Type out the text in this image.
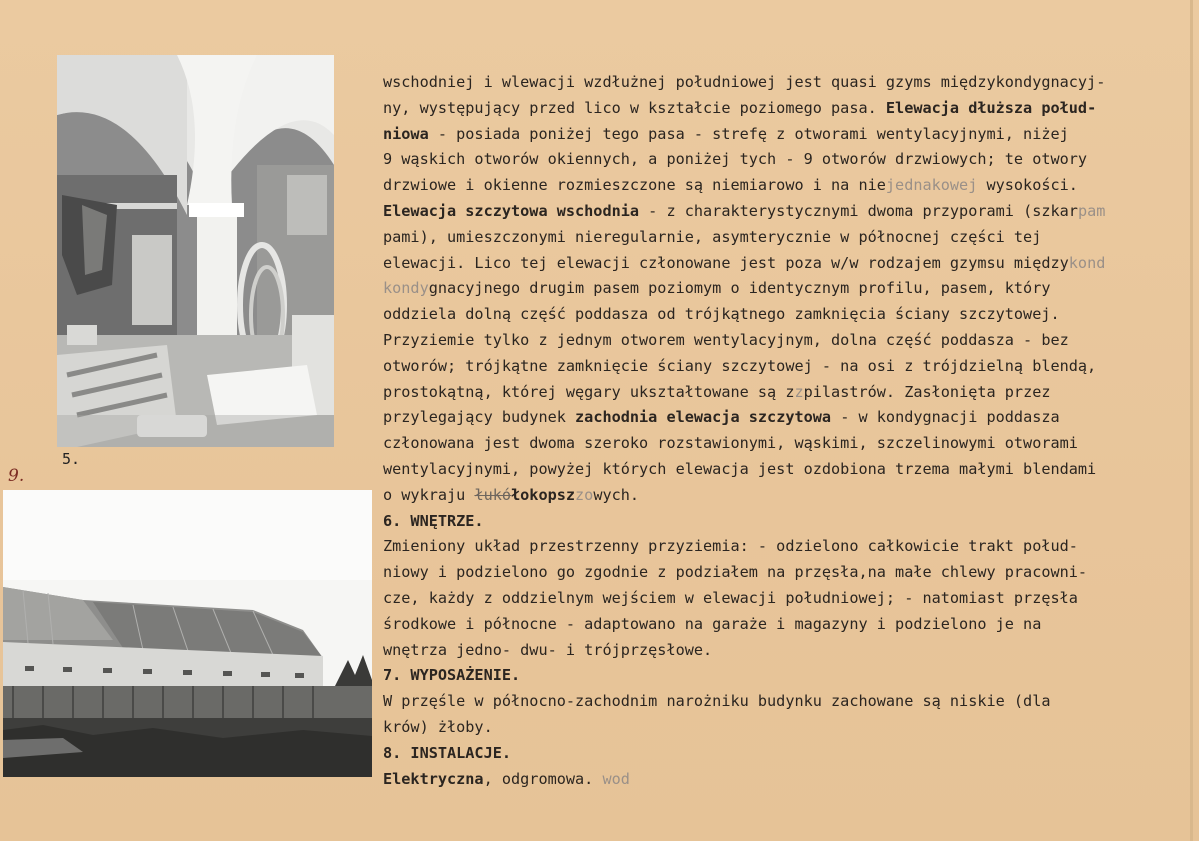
5.
9.
wschodniej i wlewacji wzdłużnej południowej jest quasi gzyms międzykondygnacyj-
ny, występujący przed lico w kształcie poziomego pasa. Elewacja dłuższa połud-
niowa - posiada poniżej tego pasa - strefę z otworami wentylacyjnymi, niżej
9 wąskich otworów okiennych, a poniżej tych - 9 otworów drzwiowych; te otwory
drzwiowe i okienne rozmieszczone są niemiarowo i na niejednakowej wysokości.
Elewacja szczytowa wschodnia - z charakterystycznymi dwoma przyporami (szkarpam
pami), umieszczonymi nieregularnie, asymterycznie w północnej części tej
elewacji. Lico tej elewacji członowane jest poza w/w rodzajem gzymsu międzykond
kondygnacyjnego drugim pasem poziomym o identycznym profilu, pasem, który
oddziela dolną część poddasza od trójkątnego zamknięcia ściany szczytowej.
Przyziemie tylko z jednym otworem wentylacyjnym, dolna część poddasza - bez
otworów; trójkątne zamknięcie ściany szczytowej - na osi z trójdzielną blendą,
prostokątną, której węgary ukształtowane są zzpilastrów. Zasłonięta przez
przylegający budynek zachodnia elewacja szczytowa - w kondygnacji poddasza
członowana jest dwoma szeroko rozstawionymi, wąskimi, szczelinowymi otworami
wentylacyjnymi, powyżej których elewacja jest ozdobiona trzema małymi blendami
o wykraju łukółokopszzowych.
6. WNĘTRZE.
Zmieniony układ przestrzenny przyziemia: - odzielono całkowicie trakt połud-
niowy i podzielono go zgodnie z podziałem na przęsła,na małe chlewy pracowni-
cze, każdy z oddzielnym wejściem w elewacji południowej; - natomiast przęsła
środkowe i północne - adaptowano na garaże i magazyny i podzielono je na
wnętrza jedno- dwu- i trójprzęsłowe.
7. WYPOSAŻENIE.
W przęśle w północno-zachodnim narożniku budynku zachowane są niskie (dla
krów) żłoby.
8. INSTALACJE.
Elektryczna, odgromowa. wod
